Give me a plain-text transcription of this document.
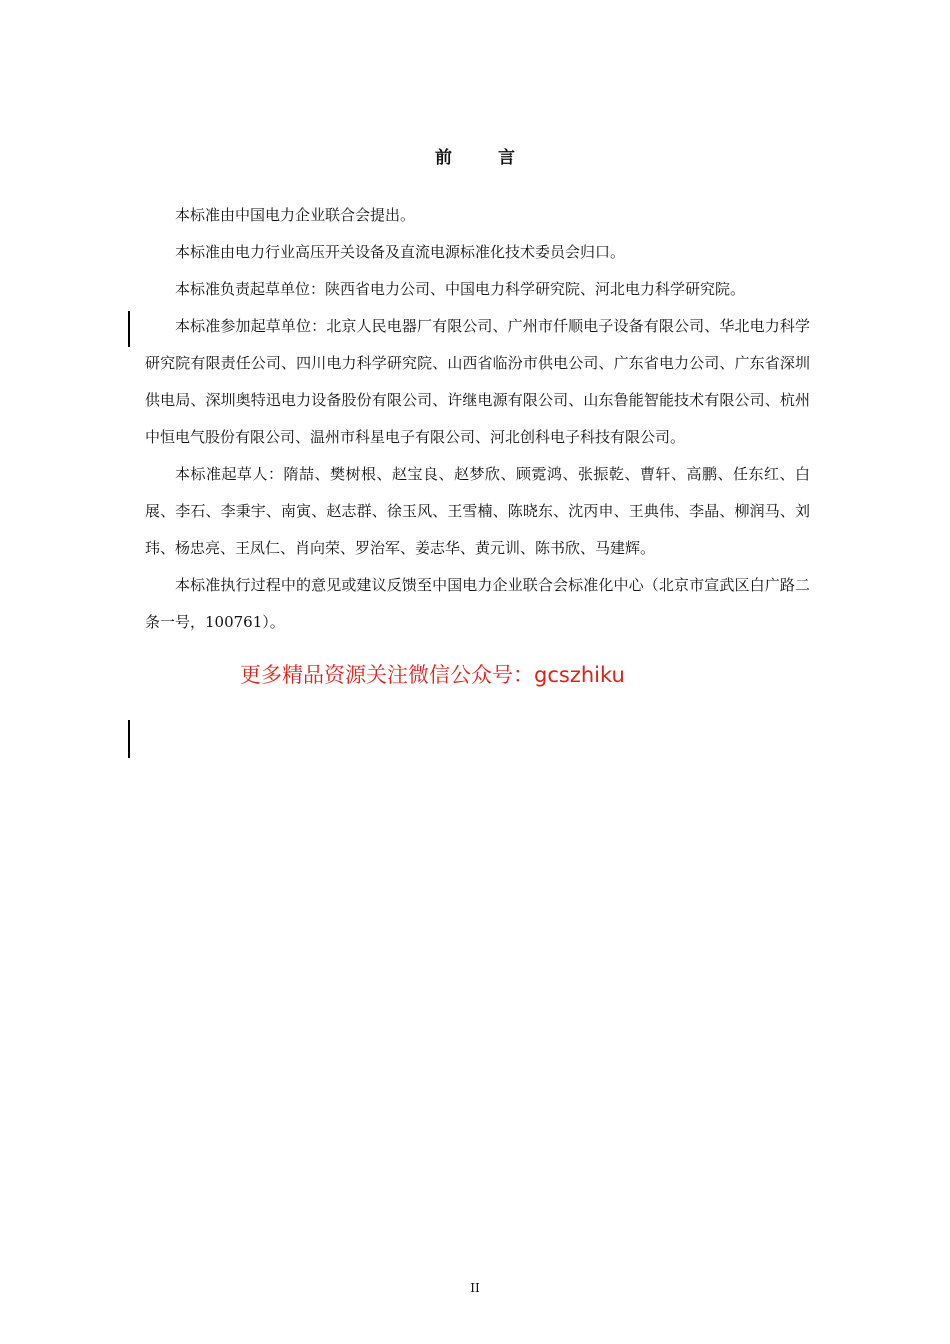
前 言

本标准由中国电力企业联合会提出。

本标准由电力行业高压开关设备及直流电源标准化技术委员会归口。

本标准负责起草单位：陕西省电力公司、中国电力科学研究院、河北电力科学研究院。

本标准参加起草单位：北京人民电器厂有限公司、广州市仟顺电子设备有限公司、华北电力科学研究院有限责任公司、四川电力科学研究院、山西省临汾市供电公司、广东省电力公司、广东省深圳供电局、深圳奥特迅电力设备股份有限公司、许继电源有限公司、山东鲁能智能技术有限公司、杭州中恒电气股份有限公司、温州市科星电子有限公司、河北创科电子科技有限公司。

本标准起草人：隋喆、樊树根、赵宝良、赵梦欣、顾霓鸿、张振乾、曹轩、高鹏、任东红、白展、李石、李秉宇、南寅、赵志群、徐玉风、王雪楠、陈晓东、沈丙申、王典伟、李晶、柳润马、刘玮、杨忠亮、王凤仁、肖向荣、罗治军、姜志华、黄元训、陈书欣、马建辉。

本标准执行过程中的意见或建议反馈至中国电力企业联合会标准化中心（北京市宣武区白广路二条一号，100761）。

更多精品资源关注微信公众号：gcszhiku
II
